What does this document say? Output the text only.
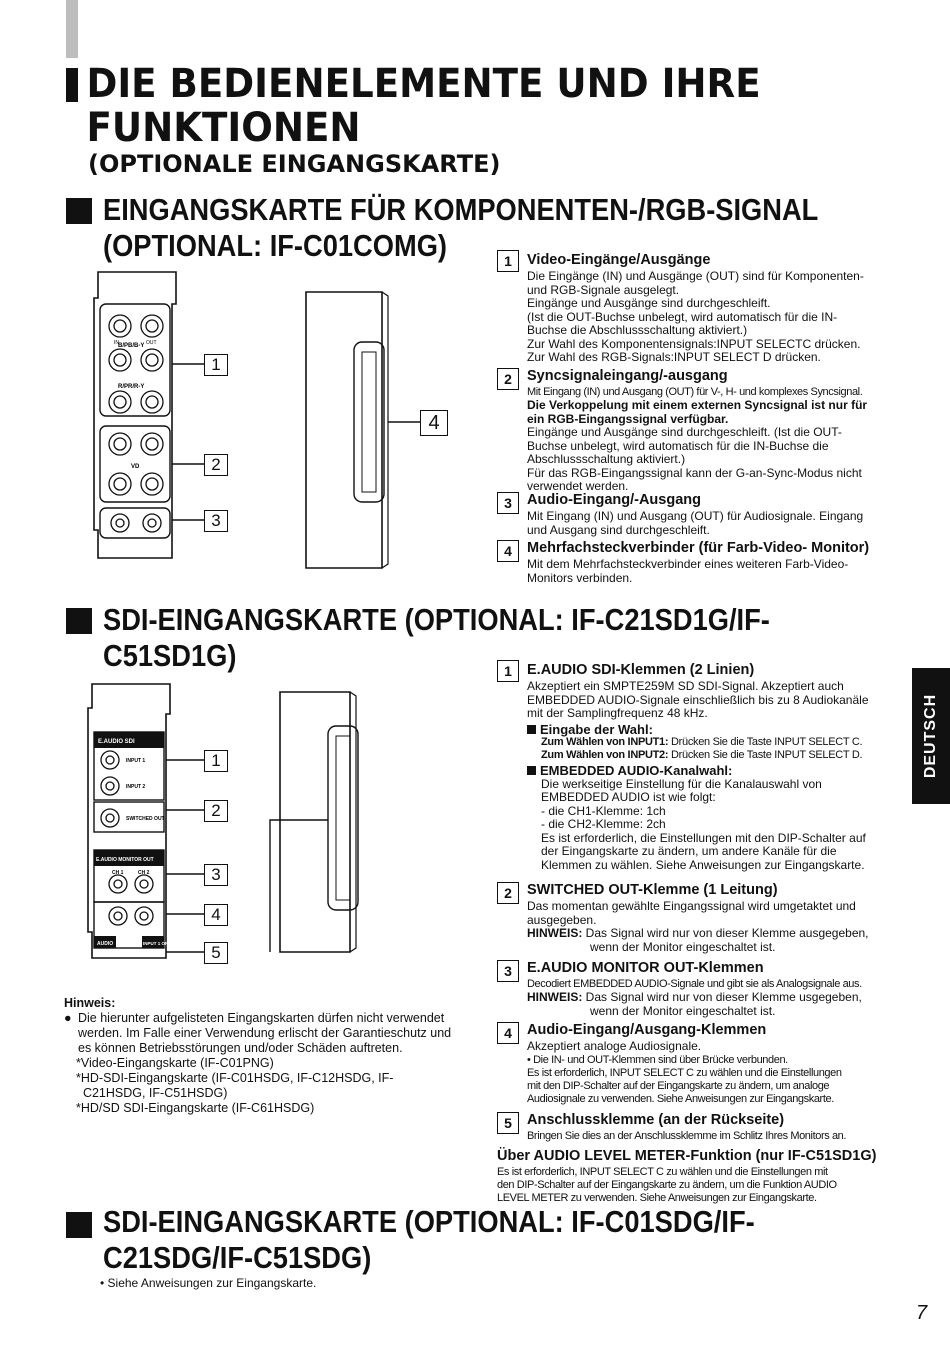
DIE BEDIENELEMENTE UND IHRE
FUNKTIONEN
(OPTIONALE EINGANGSKARTE)
EINGANGSKARTE FÜR KOMPONENTEN-/RGB-SIGNAL
(OPTIONAL: IF-C01COMG)
IN	OUT
B/PB/B-Y
R/PR/R-Y
VD
1
2
3
4
1	Video-Eingänge/Ausgänge
Die Eingänge (IN) und Ausgänge (OUT) sind für Komponenten-
und RGB-Signale ausgelegt.
Eingänge und Ausgänge sind durchgeschleift.
(Ist die OUT-Buchse unbelegt, wird automatisch für die IN-
Buchse die Abschlussschaltung aktiviert.)
Zur Wahl des Komponentensignals:INPUT SELECTC drücken.
Zur Wahl des RGB-Signals:INPUT SELECT D drücken.
2	Syncsignaleingang/-ausgang
Mit Eingang (IN) und Ausgang (OUT) für V-, H- und komplexes Syncsignal.
Die Verkoppelung mit einem externen Syncsignal ist nur für
ein RGB-Eingangssignal verfügbar.
Eingänge und Ausgänge sind durchgeschleift. (Ist die OUT-
Buchse unbelegt, wird automatisch für die IN-Buchse die
Abschlussschaltung aktiviert.)
Für das RGB-Eingangssignal kann der G-an-Sync-Modus nicht
verwendet werden.
3	Audio-Eingang/-Ausgang
Mit Eingang (IN) und Ausgang (OUT) für Audiosignale. Eingang
und Ausgang sind durchgeschleift.
4	Mehrfachsteckverbinder (für Farb-Video- Monitor)
Mit dem Mehrfachsteckverbinder eines weiteren Farb-Video-
Monitors verbinden.
SDI-EINGANGSKARTE (OPTIONAL: IF-C21SD1G/IF-
C51SD1G)
E.AUDIO SDI
INPUT 1
INPUT 2
SWITCHED OUT
E.AUDIO MONITOR OUT
CH 1	CH 2
AUDIO	INPUT 1 ONLY
1
2
3
4
5
Hinweis:
● Die hierunter aufgelisteten Eingangskarten dürfen nicht verwendet
werden. Im Falle einer Verwendung erlischt der Garantieschutz und
es können Betriebsstörungen und/oder Schäden auftreten.
*Video-Eingangskarte (IF-C01PNG)
*HD-SDI-Eingangskarte (IF-C01HSDG, IF-C12HSDG, IF-
C21HSDG, IF-C51HSDG)
*HD/SD SDI-Eingangskarte (IF-C61HSDG)
1	E.AUDIO SDI-Klemmen (2 Linien)
Akzeptiert ein SMPTE259M SD SDI-Signal. Akzeptiert auch
EMBEDDED AUDIO-Signale einschließlich bis zu 8 Audiokanäle
mit der Samplingfrequenz 48 kHz.
Eingabe der Wahl:
Zum Wählen von INPUT1: Drücken Sie die Taste INPUT SELECT C.
Zum Wählen von INPUT2: Drücken Sie die Taste INPUT SELECT D.
EMBEDDED AUDIO-Kanalwahl:
Die werkseitige Einstellung für die Kanalauswahl von
EMBEDDED AUDIO ist wie folgt:
- die CH1-Klemme: 1ch
- die CH2-Klemme: 2ch
Es ist erforderlich, die Einstellungen mit den DIP-Schalter auf
der Eingangskarte zu ändern, um andere Kanäle für die
Klemmen zu wählen. Siehe Anweisungen zur Eingangskarte.
2	SWITCHED OUT-Klemme (1 Leitung)
Das momentan gewählte Eingangssignal wird umgetaktet und
ausgegeben.
HINWEIS: Das Signal wird nur von dieser Klemme ausgegeben,
wenn der Monitor eingeschaltet ist.
3	E.AUDIO MONITOR OUT-Klemmen
Decodiert EMBEDDED AUDIO-Signale und gibt sie als Analogsignale aus.
HINWEIS: Das Signal wird nur von dieser Klemme usgegeben,
wenn der Monitor eingeschaltet ist.
4	Audio-Eingang/Ausgang-Klemmen
Akzeptiert analoge Audiosignale.
• Die IN- und OUT-Klemmen sind über Brücke verbunden.
Es ist erforderlich, INPUT SELECT C zu wählen und die Einstellungen
mit den DIP-Schalter auf der Eingangskarte zu ändern, um analoge
Audiosignale zu verwenden. Siehe Anweisungen zur Eingangskarte.
5	Anschlussklemme (an der Rückseite)
Bringen Sie dies an der Anschlussklemme im Schlitz Ihres Monitors an.
Über AUDIO LEVEL METER-Funktion (nur IF-C51SD1G)
Es ist erforderlich, INPUT SELECT C zu wählen und die Einstellungen mit
den DIP-Schalter auf der Eingangskarte zu ändern, um die Funktion AUDIO
LEVEL METER zu verwenden. Siehe Anweisungen zur Eingangskarte.
SDI-EINGANGSKARTE (OPTIONAL: IF-C01SDG/IF-
C21SDG/IF-C51SDG)
• Siehe Anweisungen zur Eingangskarte.
DEUTSCH
7
